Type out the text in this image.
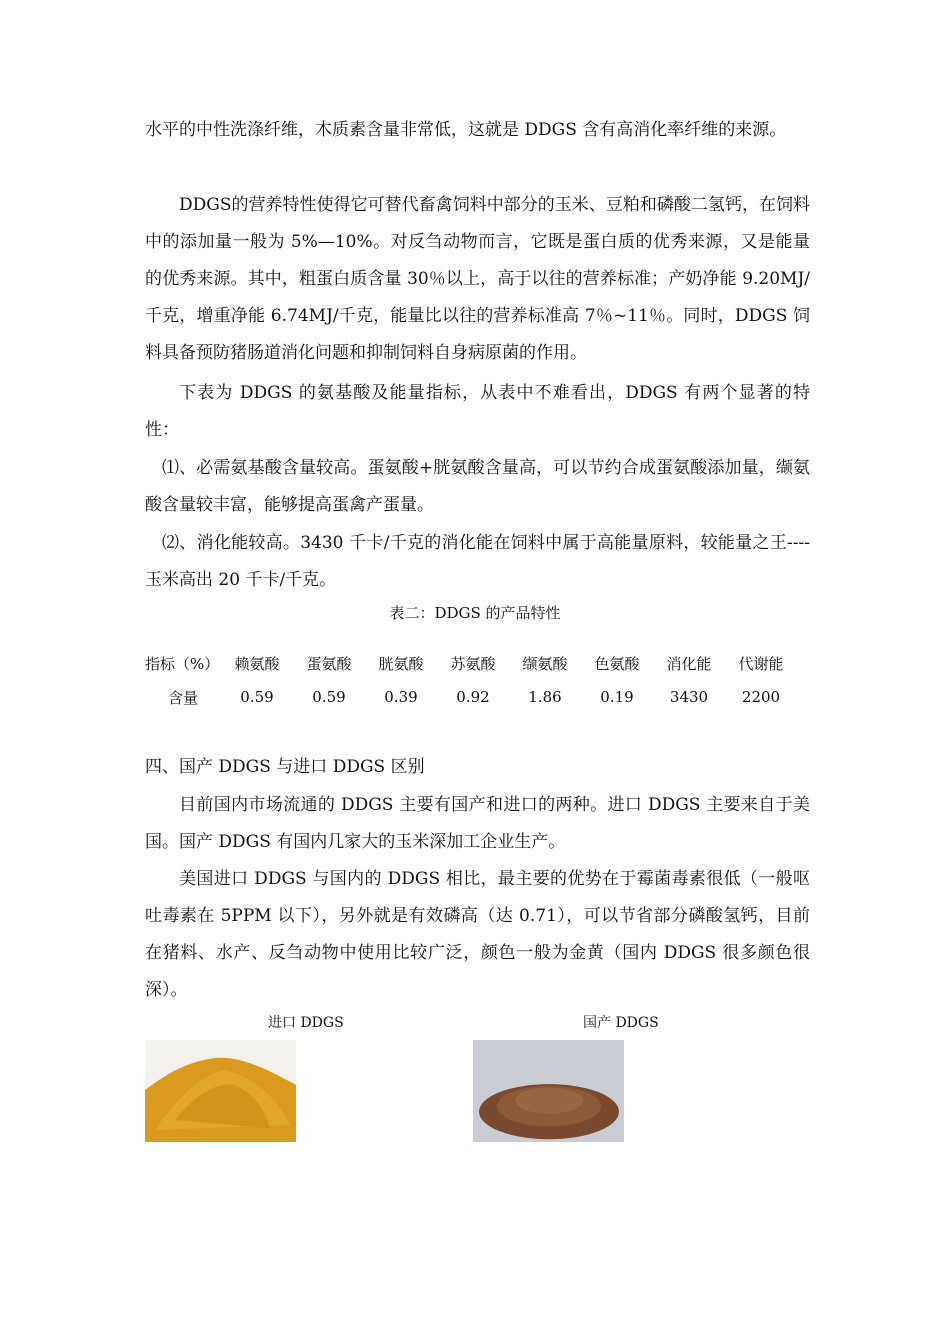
水平的中性洗涤纤维，木质素含量非常低，这就是 DDGS 含有高消化率纤维的来源。

DDGS的营养特性使得它可替代畜禽饲料中部分的玉米、豆粕和磷酸二氢钙，在饲料中的添加量一般为 5%—10%。对反刍动物而言，它既是蛋白质的优秀来源，又是能量的优秀来源。其中，粗蛋白质含量 30％以上，高于以往的营养标准；产奶净能 9.20MJ/千克，增重净能 6.74MJ/千克，能量比以往的营养标准高 7％~11％。同时，DDGS 饲料具备预防猪肠道消化问题和抑制饲料自身病原菌的作用。

下表为 DDGS 的氨基酸及能量指标，从表中不难看出，DDGS 有两个显著的特性：

⑴、必需氨基酸含量较高。蛋氨酸+胱氨酸含量高，可以节约合成蛋氨酸添加量，缬氨酸含量较丰富，能够提高蛋禽产蛋量。

⑵、消化能较高。3430 千卡/千克的消化能在饲料中属于高能量原料，较能量之王----玉米高出 20 千卡/千克。

表二：DDGS 的产品特性
指标（%）	赖氨酸	蛋氨酸	胱氨酸	苏氨酸	缬氨酸	色氨酸	消化能	代谢能
含量	0.59	0.59	0.39	0.92	1.86	0.19	3430	2200
四、国产 DDGS 与进口 DDGS 区别

目前国内市场流通的 DDGS 主要有国产和进口的两种。进口 DDGS 主要来自于美国。国产 DDGS 有国内几家大的玉米深加工企业生产。

美国进口 DDGS 与国内的 DDGS 相比，最主要的优势在于霉菌毒素很低（一般呕吐毒素在 5PPM 以下），另外就是有效磷高（达 0.71），可以节省部分磷酸氢钙，目前在猪料、水产、反刍动物中使用比较广泛，颜色一般为金黄（国内 DDGS 很多颜色很深）。

进口 DDGS	国产 DDGS
